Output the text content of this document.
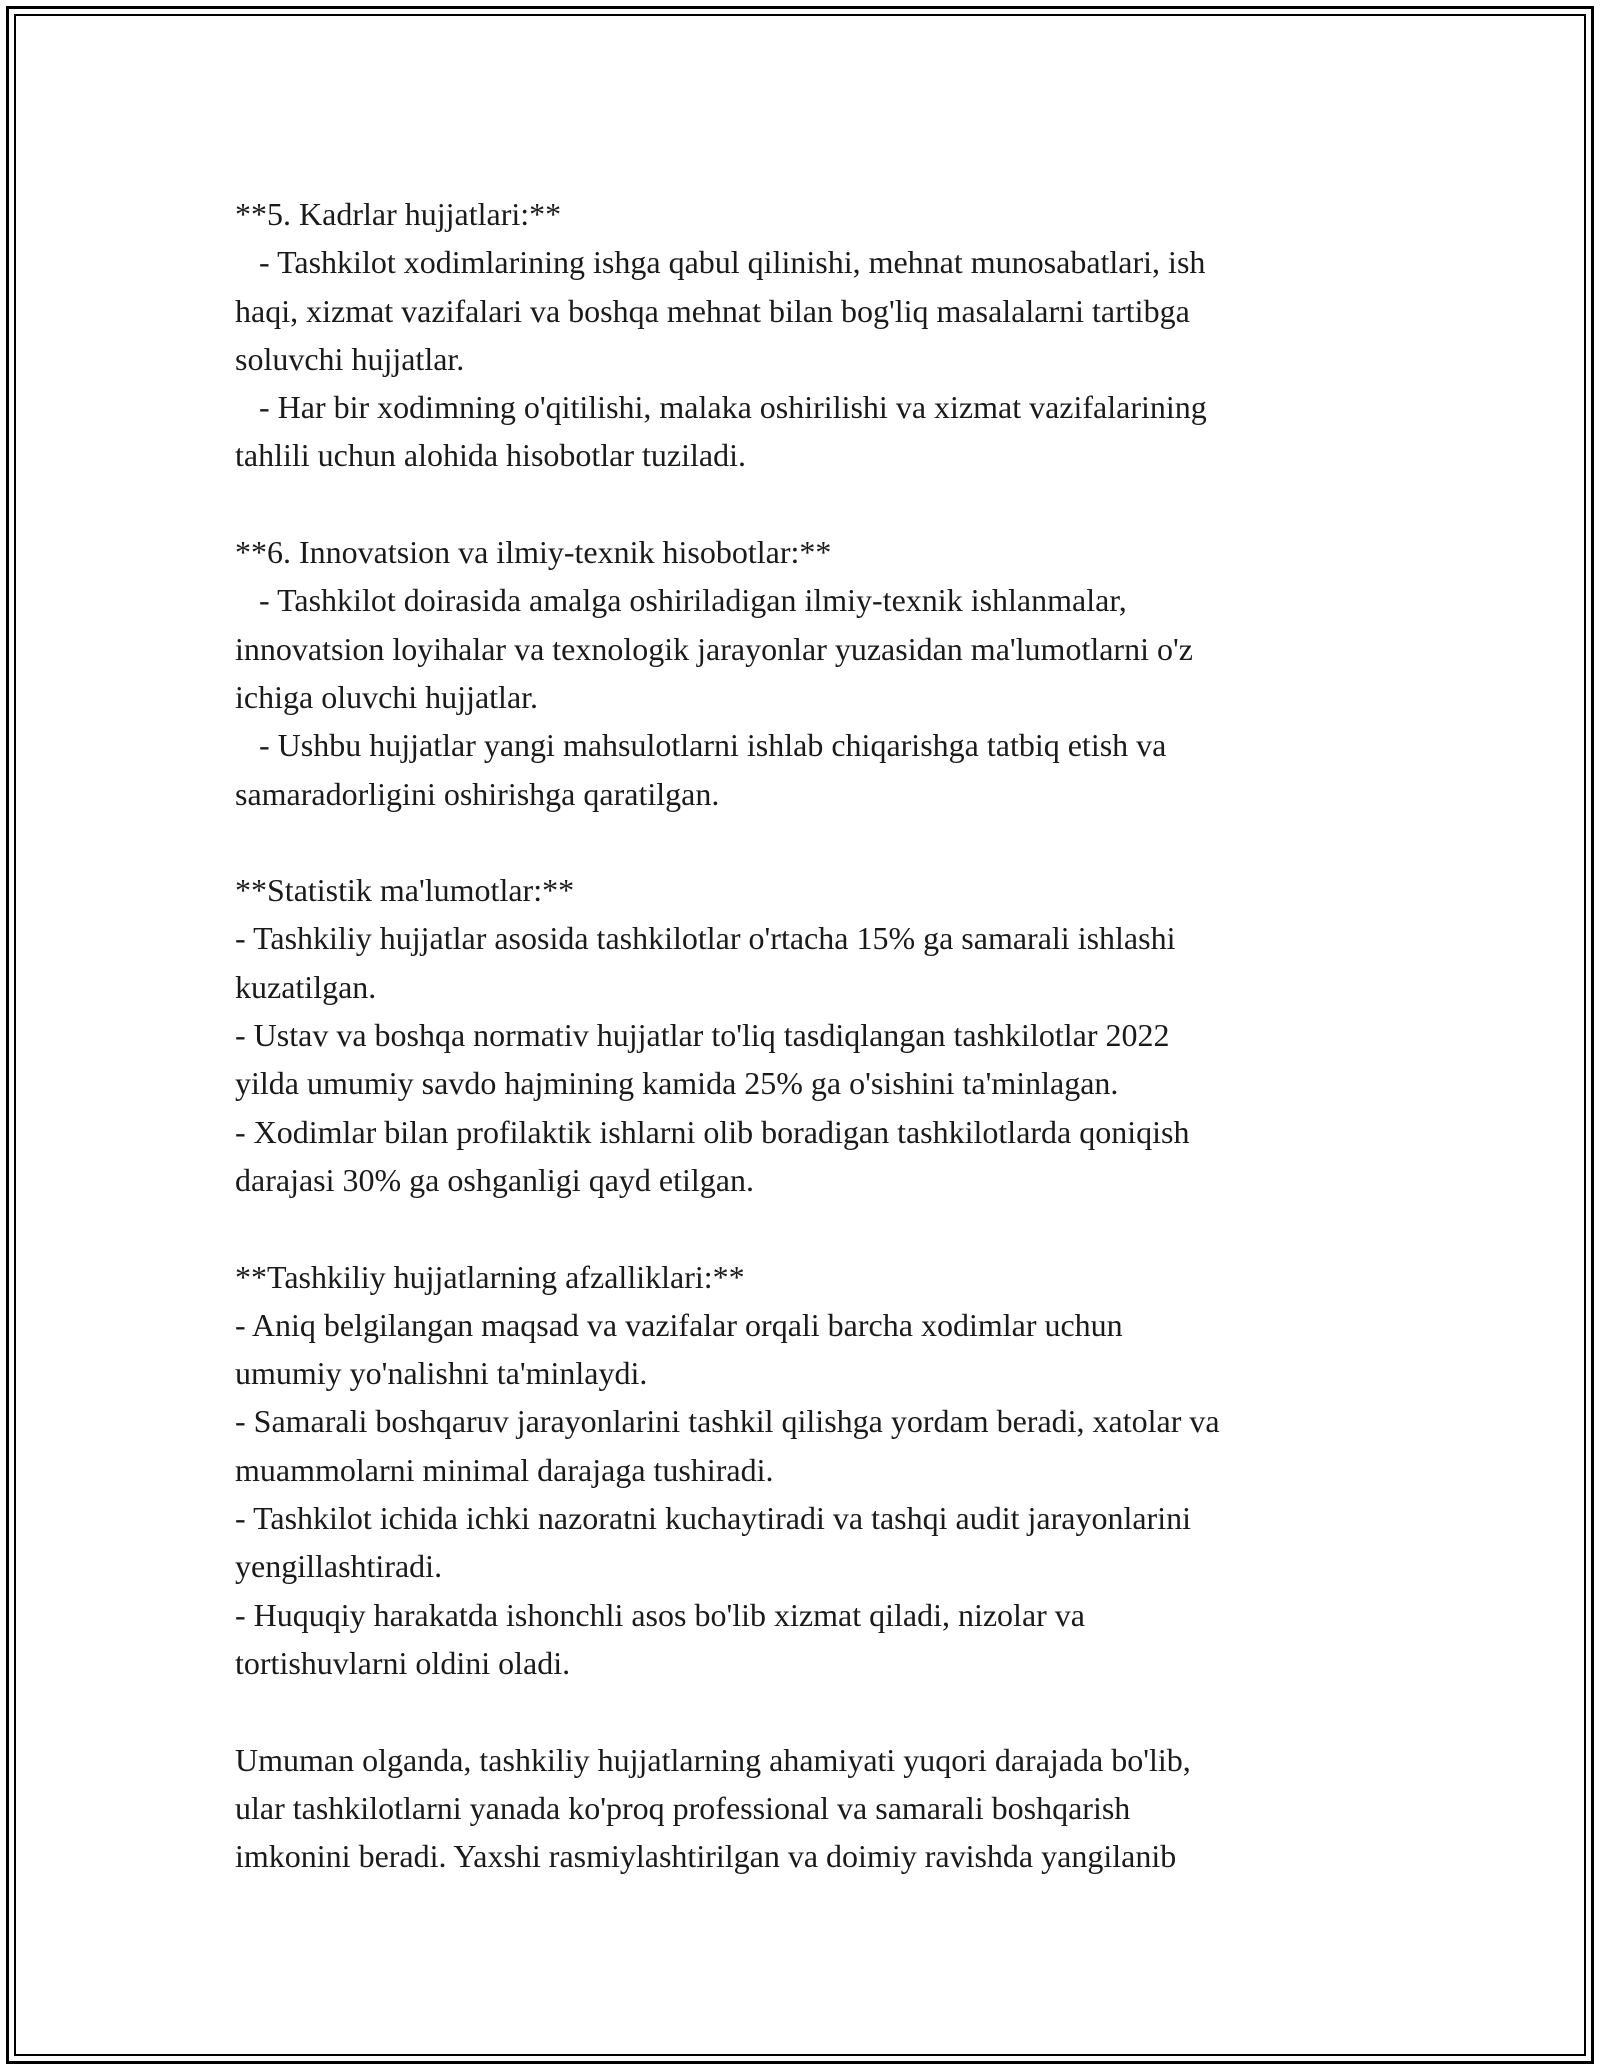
**5. Kadrlar hujjatlari:**
- Tashkilot xodimlarining ishga qabul qilinishi, mehnat munosabatlari, ish
haqi, xizmat vazifalari va boshqa mehnat bilan bog'liq masalalarni tartibga
soluvchi hujjatlar.
- Har bir xodimning o'qitilishi, malaka oshirilishi va xizmat vazifalarining
tahlili uchun alohida hisobotlar tuziladi.
**6. Innovatsion va ilmiy-texnik hisobotlar:**
- Tashkilot doirasida amalga oshiriladigan ilmiy-texnik ishlanmalar,
innovatsion loyihalar va texnologik jarayonlar yuzasidan ma'lumotlarni o'z
ichiga oluvchi hujjatlar.
- Ushbu hujjatlar yangi mahsulotlarni ishlab chiqarishga tatbiq etish va
samaradorligini oshirishga qaratilgan.
**Statistik ma'lumotlar:**
- Tashkiliy hujjatlar asosida tashkilotlar o'rtacha 15% ga samarali ishlashi
kuzatilgan.
- Ustav va boshqa normativ hujjatlar to'liq tasdiqlangan tashkilotlar 2022
yilda umumiy savdo hajmining kamida 25% ga o'sishini ta'minlagan.
- Xodimlar bilan profilaktik ishlarni olib boradigan tashkilotlarda qoniqish
darajasi 30% ga oshganligi qayd etilgan.
**Tashkiliy hujjatlarning afzalliklari:**
- Aniq belgilangan maqsad va vazifalar orqali barcha xodimlar uchun
umumiy yo'nalishni ta'minlaydi.
- Samarali boshqaruv jarayonlarini tashkil qilishga yordam beradi, xatolar va
muammolarni minimal darajaga tushiradi.
- Tashkilot ichida ichki nazoratni kuchaytiradi va tashqi audit jarayonlarini
yengillashtiradi.
- Huquqiy harakatda ishonchli asos bo'lib xizmat qiladi, nizolar va
tortishuvlarni oldini oladi.
Umuman olganda, tashkiliy hujjatlarning ahamiyati yuqori darajada bo'lib,
ular tashkilotlarni yanada ko'proq professional va samarali boshqarish
imkonini beradi. Yaxshi rasmiylashtirilgan va doimiy ravishda yangilanib
